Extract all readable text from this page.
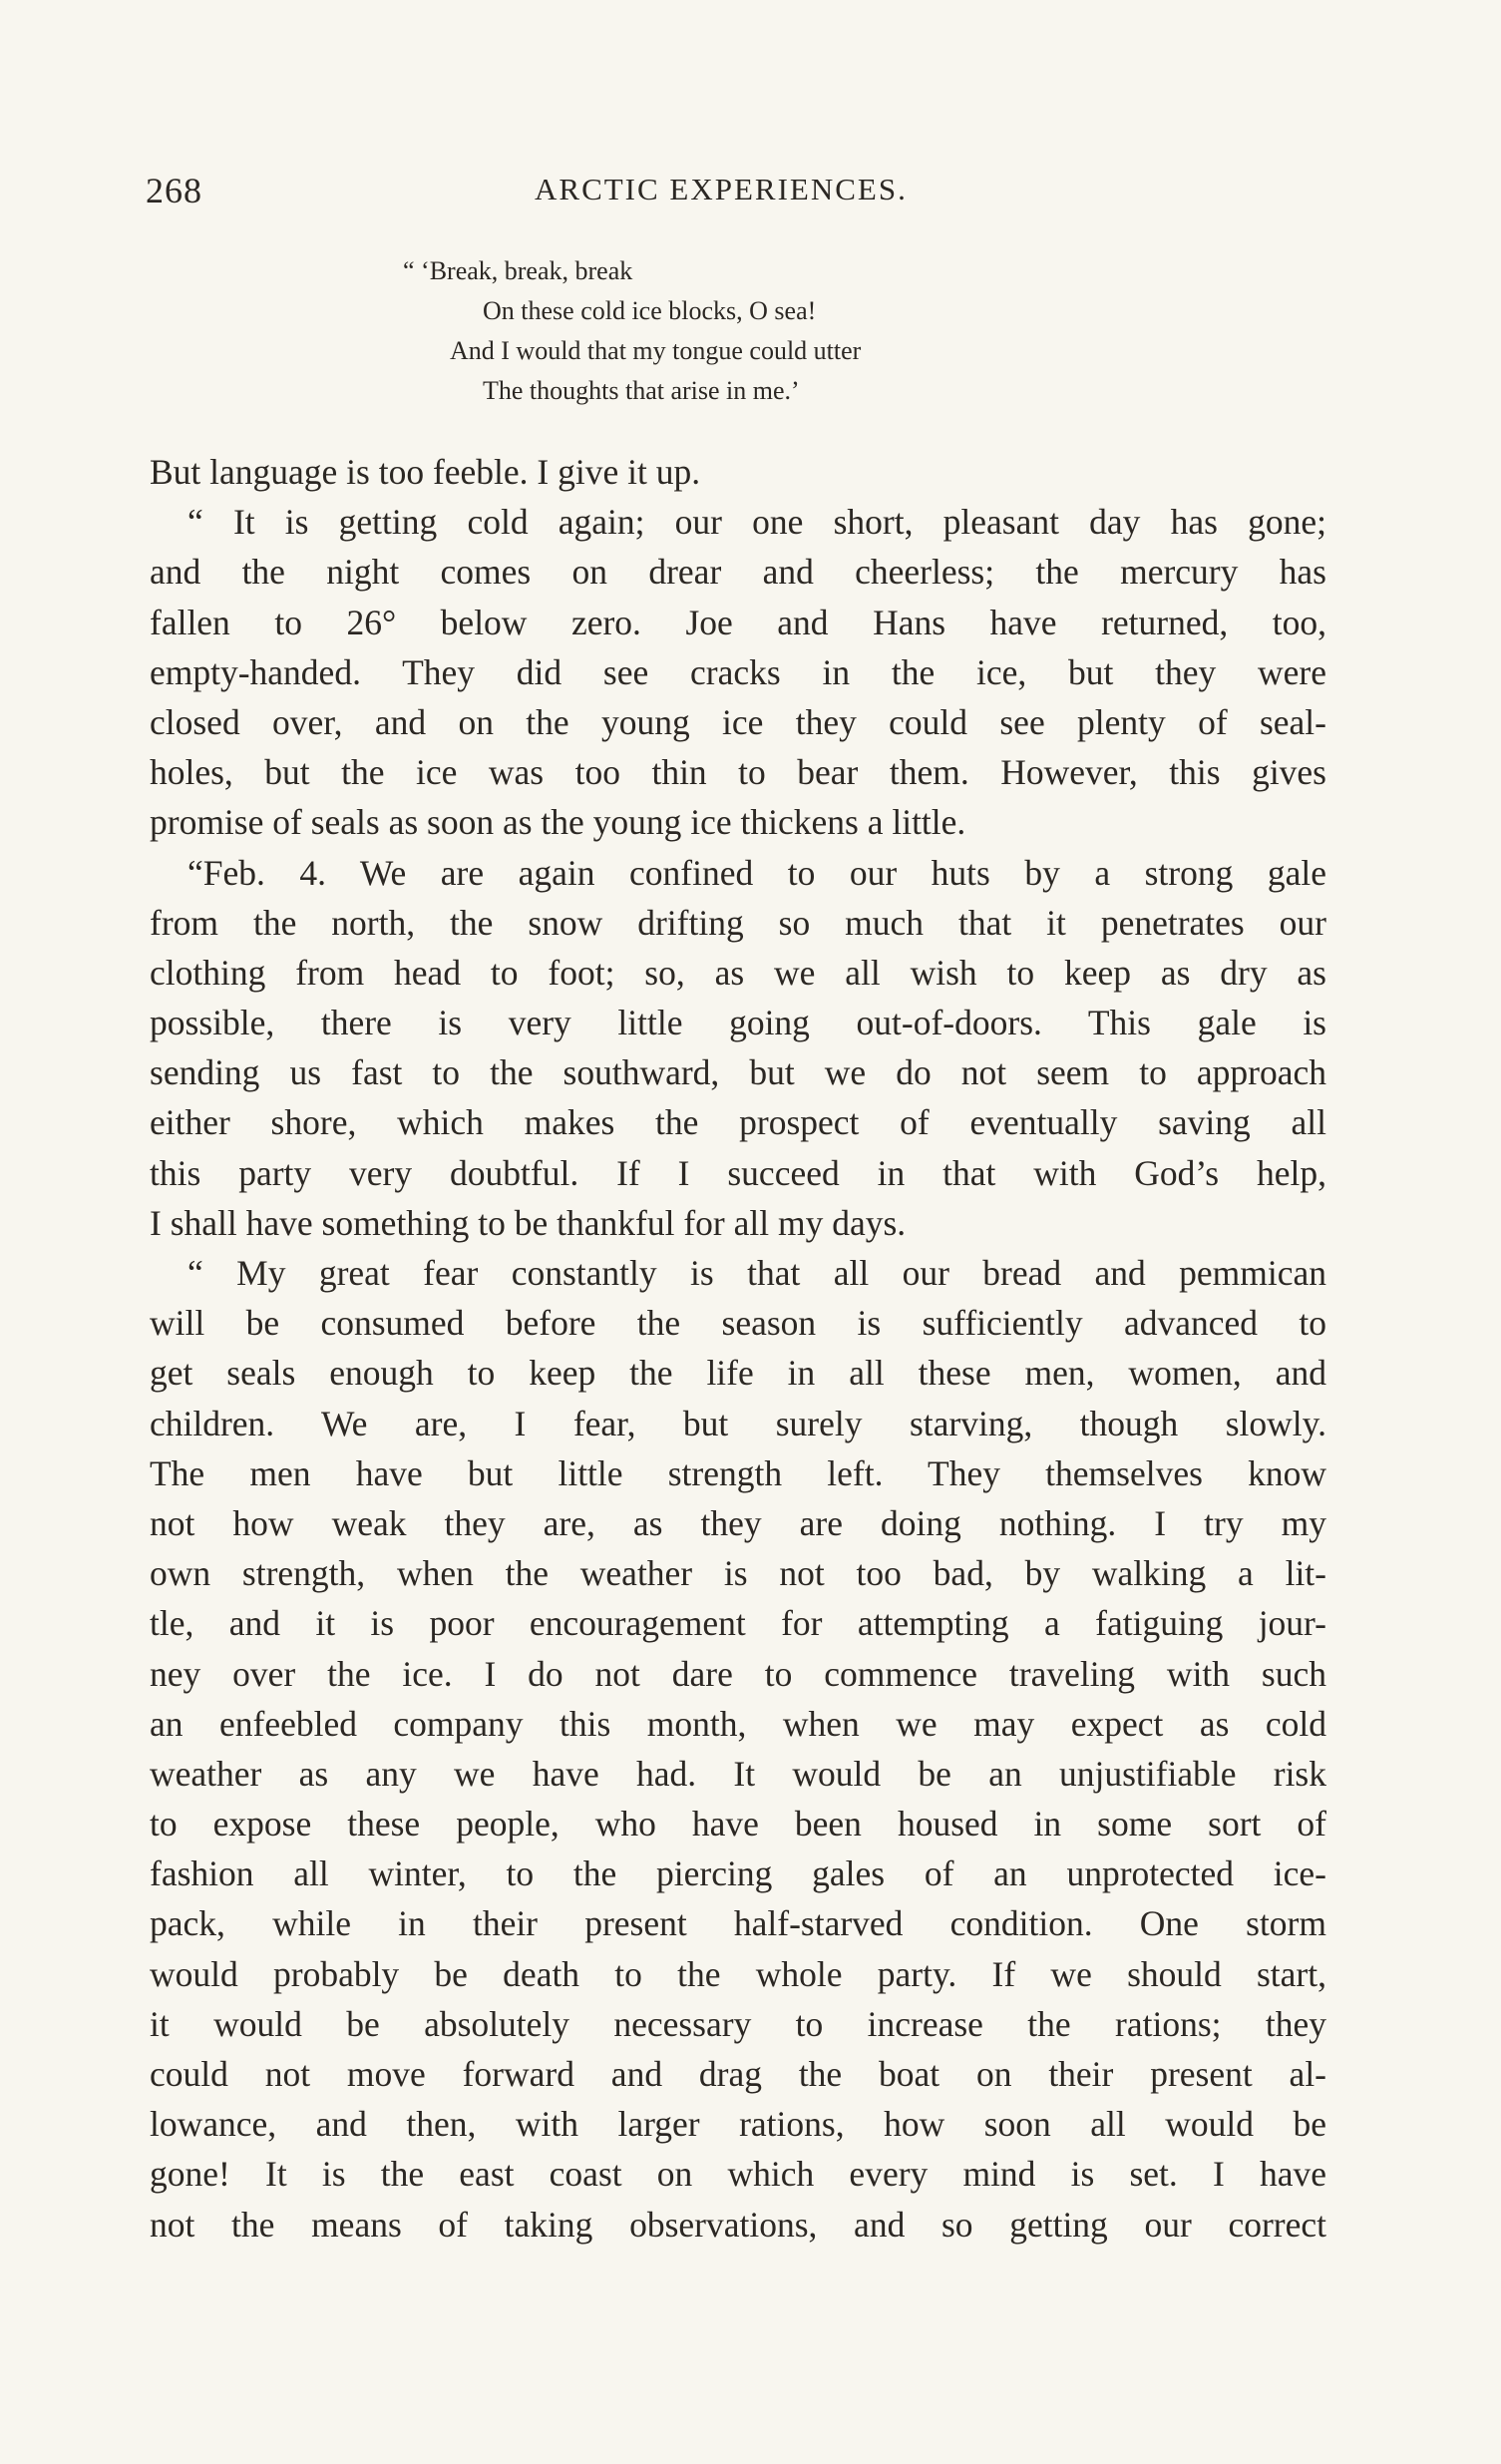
268	ARCTIC EXPERIENCES.
“ ‘Break, break, break
On these cold ice blocks, O sea!
And I would that my tongue could utter
The thoughts that arise in me.’
But language is too feeble. I give it up.
“ It is getting cold again; our one short, pleasant day has gone;
and the night comes on drear and cheerless; the mercury has
fallen to 26° below zero. Joe and Hans have returned, too,
empty-handed. They did see cracks in the ice, but they were
closed over, and on the young ice they could see plenty of seal-
holes, but the ice was too thin to bear them. However, this gives
promise of seals as soon as the young ice thickens a little.
“Feb. 4. We are again confined to our huts by a strong gale
from the north, the snow drifting so much that it penetrates our
clothing from head to foot; so, as we all wish to keep as dry as
possible, there is very little going out-of-doors. This gale is
sending us fast to the southward, but we do not seem to approach
either shore, which makes the prospect of eventually saving all
this party very doubtful. If I succeed in that with God’s help,
I shall have something to be thankful for all my days.
“ My great fear constantly is that all our bread and pemmican
will be consumed before the season is sufficiently advanced to
get seals enough to keep the life in all these men, women, and
children. We are, I fear, but surely starving, though slowly.
The men have but little strength left. They themselves know
not how weak they are, as they are doing nothing. I try my
own strength, when the weather is not too bad, by walking a lit-
tle, and it is poor encouragement for attempting a fatiguing jour-
ney over the ice. I do not dare to commence traveling with such
an enfeebled company this month, when we may expect as cold
weather as any we have had. It would be an unjustifiable risk
to expose these people, who have been housed in some sort of
fashion all winter, to the piercing gales of an unprotected ice-
pack, while in their present half-starved condition. One storm
would probably be death to the whole party. If we should start,
it would be absolutely necessary to increase the rations; they
could not move forward and drag the boat on their present al-
lowance, and then, with larger rations, how soon all would be
gone! It is the east coast on which every mind is set. I have
not the means of taking observations, and so getting our correct
